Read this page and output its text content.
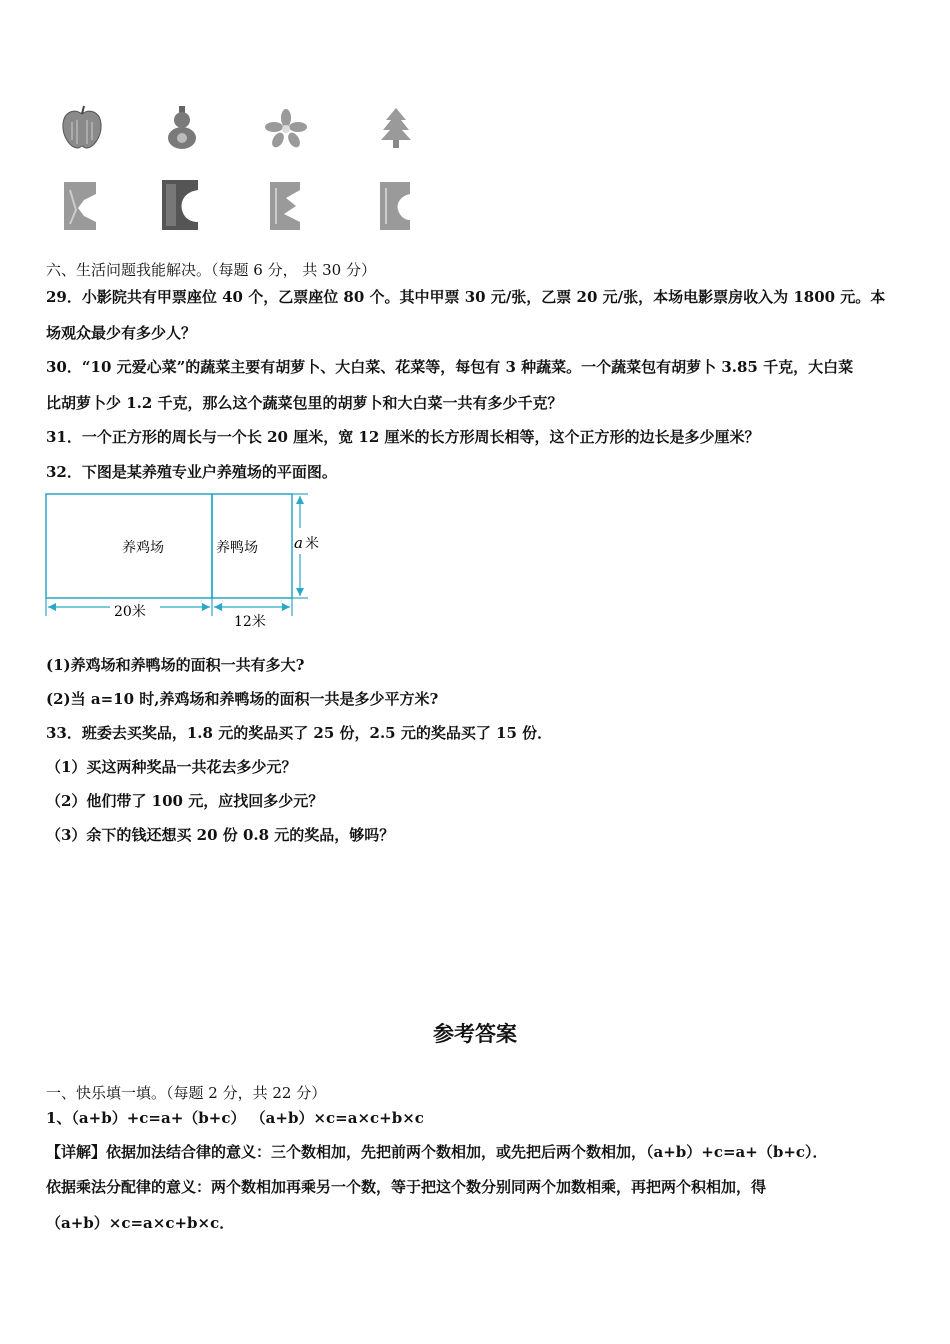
六、生活问题我能解决。（每题 6 分， 共 30 分）
29．小影院共有甲票座位 40 个，乙票座位 80 个。其中甲票 30 元/张，乙票 20 元/张，本场电影票房收入为 1800 元。本
场观众最少有多少人？
30．“10 元爱心菜”的蔬菜主要有胡萝卜、大白菜、花菜等，每包有 3 种蔬菜。一个蔬菜包有胡萝卜 3.85 千克，大白菜
比胡萝卜少 1.2 千克，那么这个蔬菜包里的胡萝卜和大白菜一共有多少千克？
31．一个正方形的周长与一个长 20 厘米，宽 12 厘米的长方形周长相等，这个正方形的边长是多少厘米？
32．下图是某养殖专业户养殖场的平面图。
养鸡场	养鸭场
20米
12米
a 米
(1)养鸡场和养鸭场的面积一共有多大?
(2)当 a=10 时,养鸡场和养鸭场的面积一共是多少平方米?
33．班委去买奖品，1.8 元的奖品买了 25 份，2.5 元的奖品买了 15 份．
（1）买这两种奖品一共花去多少元？
（2）他们带了 100 元，应找回多少元？
（3）余下的钱还想买 20 份 0.8 元的奖品，够吗？
参考答案
一、快乐填一填。（每题 2 分，共 22 分）
1、（a+b）+c=a+（b+c） （a+b）×c=a×c+b×c
【详解】依据加法结合律的意义：三个数相加，先把前两个数相加，或先把后两个数相加，（a+b）+c=a+（b+c）．
依据乘法分配律的意义：两个数相加再乘另一个数，等于把这个数分别同两个加数相乘，再把两个积相加，得
（a+b）×c=a×c+b×c．
